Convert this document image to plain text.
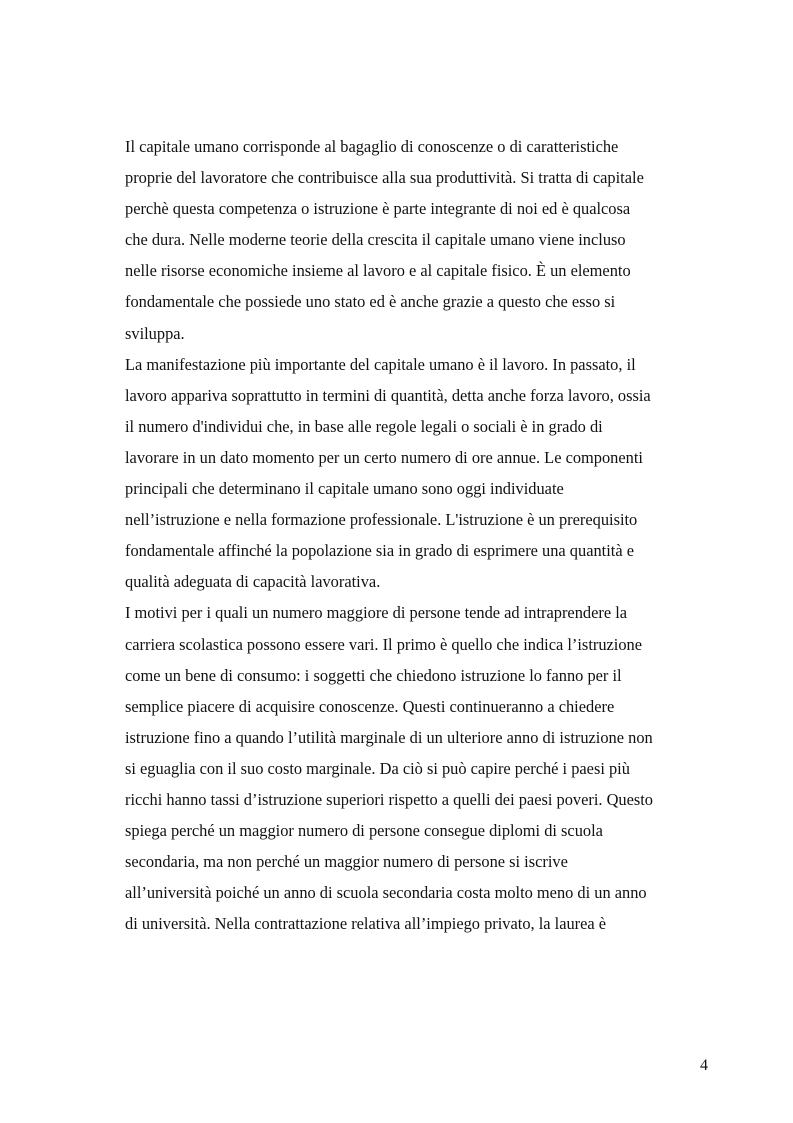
Il capitale umano corrisponde al bagaglio di conoscenze o di caratteristiche
proprie del lavoratore che contribuisce alla sua produttività. Si tratta di capitale
perchè questa competenza o istruzione è parte integrante di noi ed è qualcosa
che dura. Nelle moderne teorie della crescita il capitale umano viene incluso
nelle risorse economiche insieme al lavoro e al capitale fisico. È un elemento
fondamentale che possiede uno stato ed è anche grazie a questo che esso si
sviluppa.

La manifestazione più importante del capitale umano è il lavoro. In passato, il
lavoro appariva soprattutto in termini di quantità, detta anche forza lavoro, ossia
il numero d'individui che, in base alle regole legali o sociali è in grado di
lavorare in un dato momento per un certo numero di ore annue. Le componenti
principali che determinano il capitale umano sono oggi individuate
nell’istruzione e nella formazione professionale. L'istruzione è un prerequisito
fondamentale affinché la popolazione sia in grado di esprimere una quantità e
qualità adeguata di capacità lavorativa.

I motivi per i quali un numero maggiore di persone tende ad intraprendere la
carriera scolastica possono essere vari. Il primo è quello che indica l’istruzione
come un bene di consumo: i soggetti che chiedono istruzione lo fanno per il
semplice piacere di acquisire conoscenze. Questi continueranno a chiedere
istruzione fino a quando l’utilità marginale di un ulteriore anno di istruzione non
si eguaglia con il suo costo marginale. Da ciò si può capire perché i paesi più
ricchi hanno tassi d’istruzione superiori rispetto a quelli dei paesi poveri. Questo
spiega perché un maggior numero di persone consegue diplomi di scuola
secondaria, ma non perché un maggior numero di persone si iscrive
all’università poiché un anno di scuola secondaria costa molto meno di un anno
di università. Nella contrattazione relativa all’impiego privato, la laurea è

4
